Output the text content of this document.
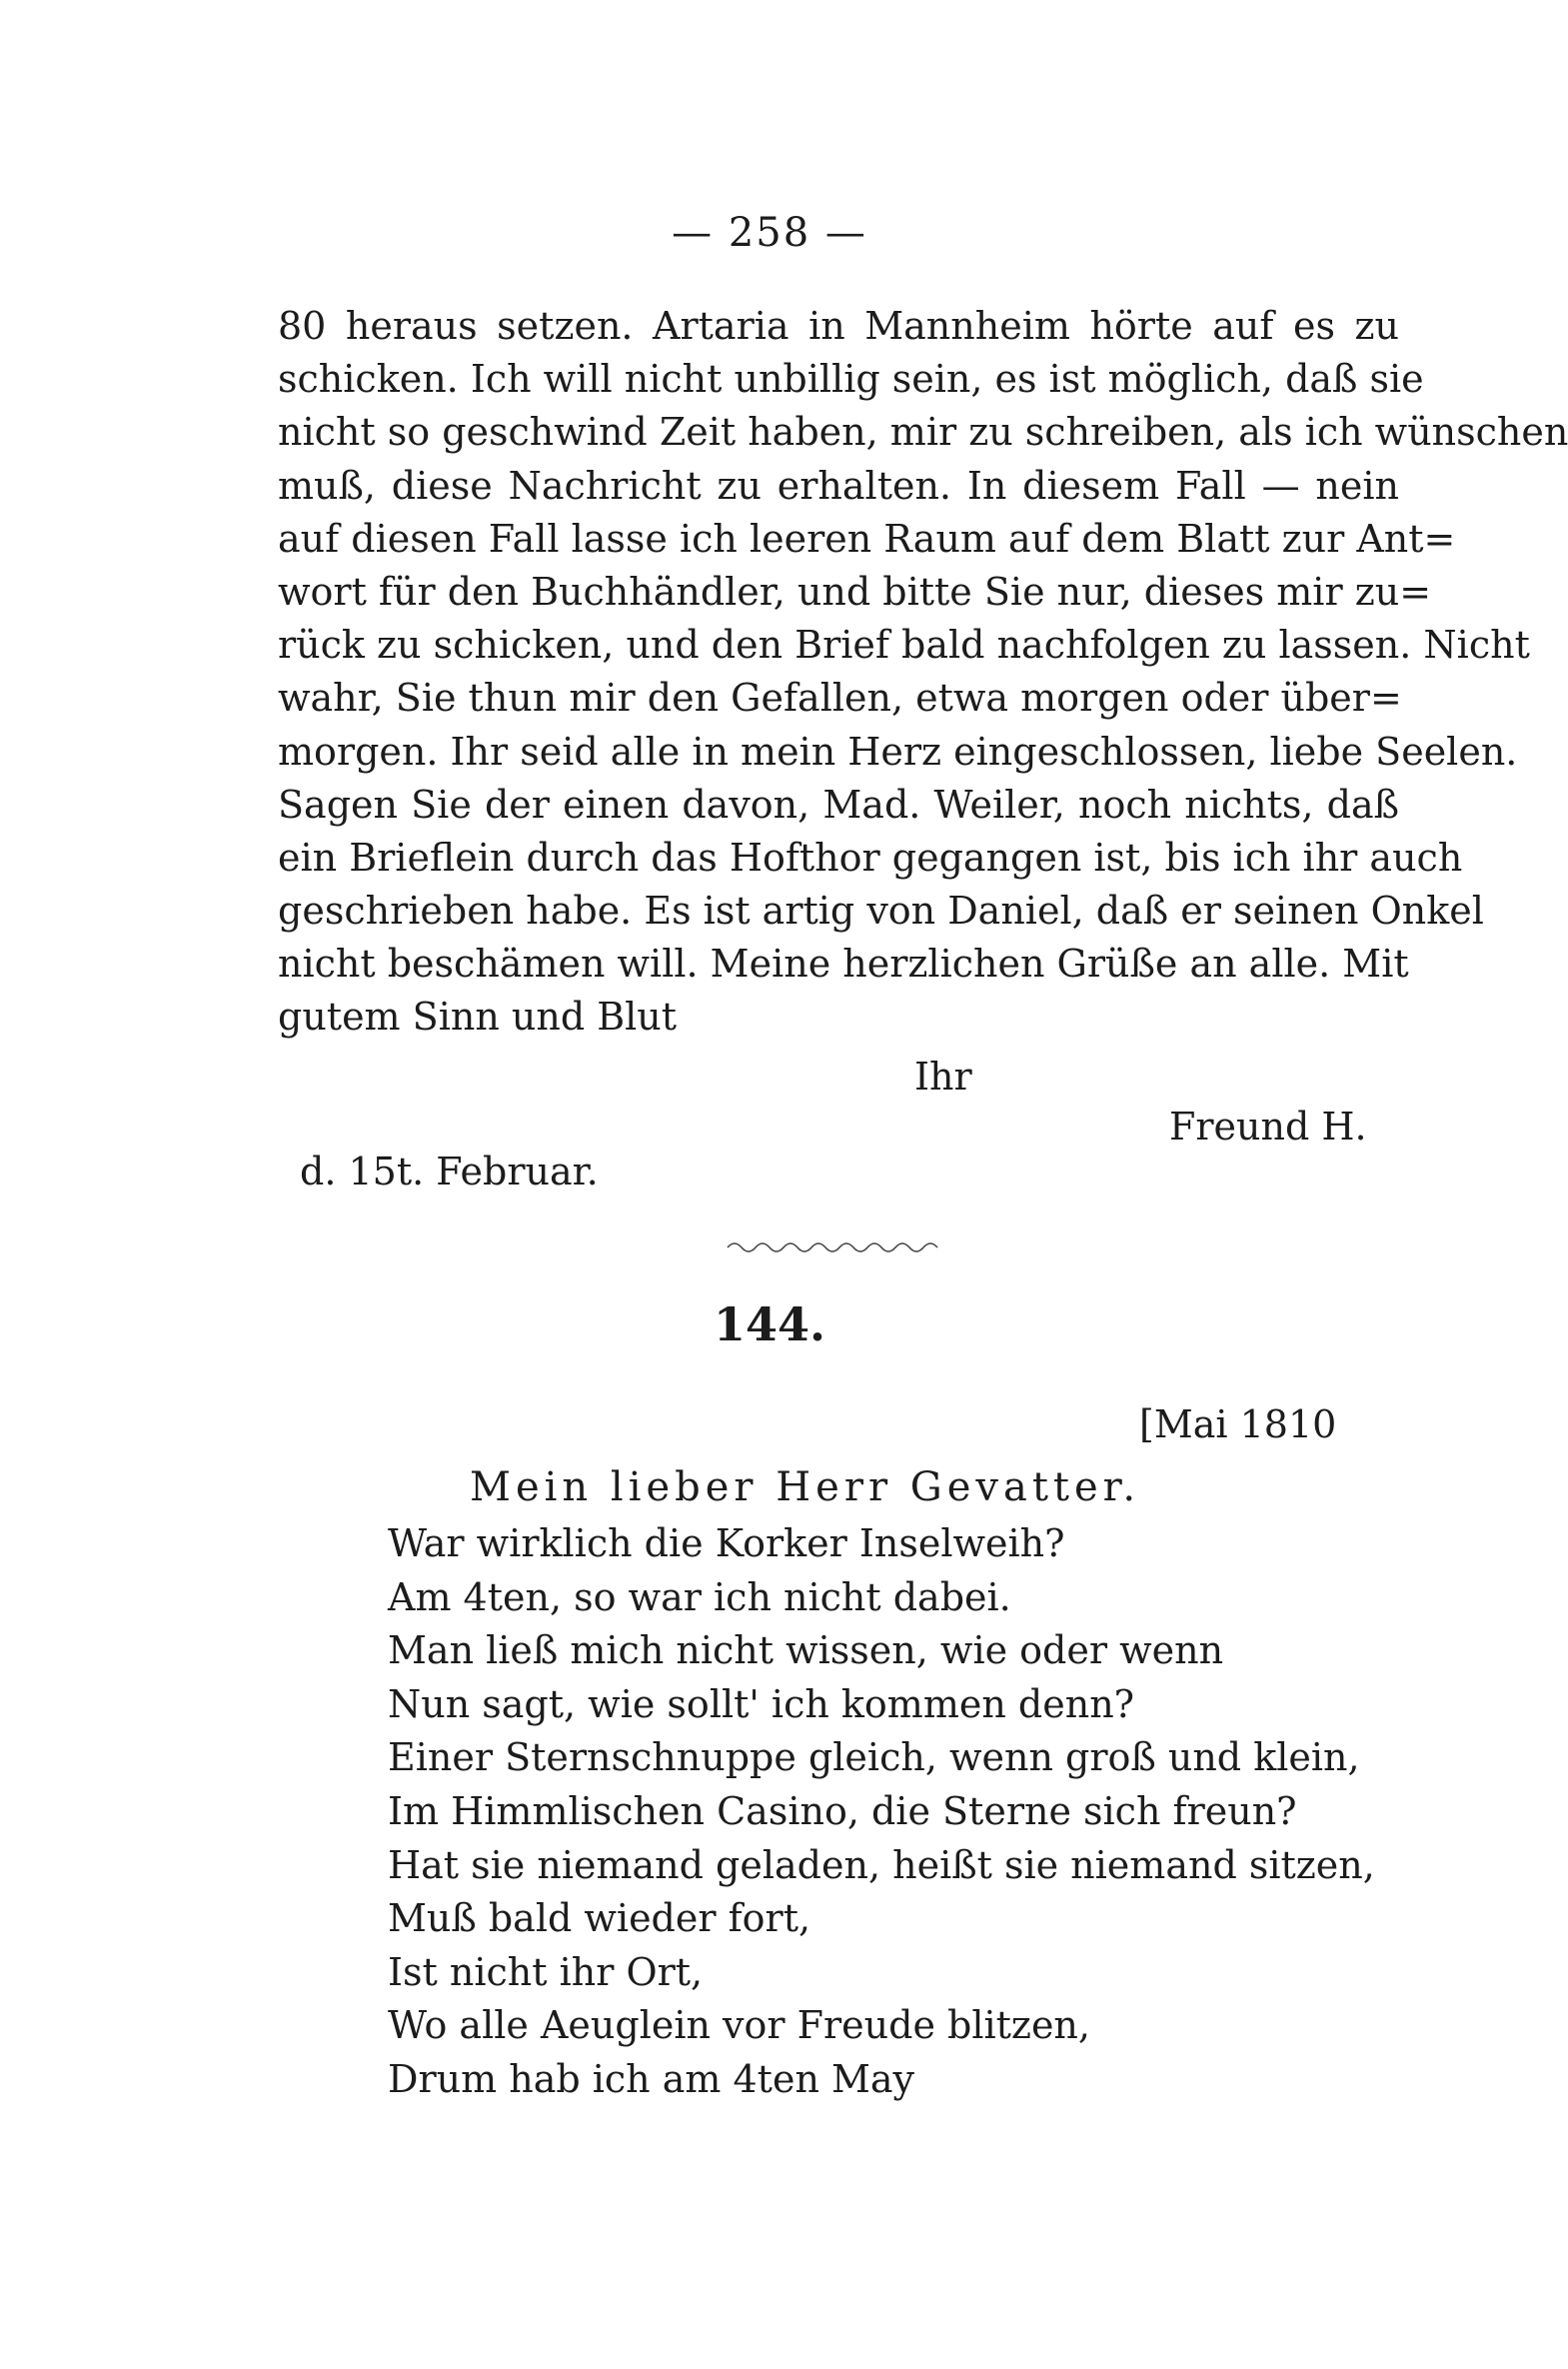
— 258 —
80 heraus setzen. Artaria in Mannheim hörte auf es zu
schicken. Ich will nicht unbillig sein, es ist möglich, daß sie
nicht so geschwind Zeit haben, mir zu schreiben, als ich wünschen
muß, diese Nachricht zu erhalten. In diesem Fall — nein
auf diesen Fall lasse ich leeren Raum auf dem Blatt zur Ant=
wort für den Buchhändler, und bitte Sie nur, dieses mir zu=
rück zu schicken, und den Brief bald nachfolgen zu lassen. Nicht
wahr, Sie thun mir den Gefallen, etwa morgen oder über=
morgen. Ihr seid alle in mein Herz eingeschlossen, liebe Seelen.
Sagen Sie der einen davon, Mad. Weiler, noch nichts, daß
ein Brieflein durch das Hofthor gegangen ist, bis ich ihr auch
geschrieben habe. Es ist artig von Daniel, daß er seinen Onkel
nicht beschämen will. Meine herzlichen Grüße an alle. Mit
gutem Sinn und Blut
Ihr
Freund H.
d. 15t. Februar.
144.
[Mai 1810
Mein lieber Herr Gevatter.
War wirklich die Korker Inselweih?
Am 4ten, so war ich nicht dabei.
Man ließ mich nicht wissen, wie oder wenn
Nun sagt, wie sollt' ich kommen denn?
Einer Sternschnuppe gleich, wenn groß und klein,
Im Himmlischen Casino, die Sterne sich freun?
Hat sie niemand geladen, heißt sie niemand sitzen,
Muß bald wieder fort,
Ist nicht ihr Ort,
Wo alle Aeuglein vor Freude blitzen,
Drum hab ich am 4ten May
